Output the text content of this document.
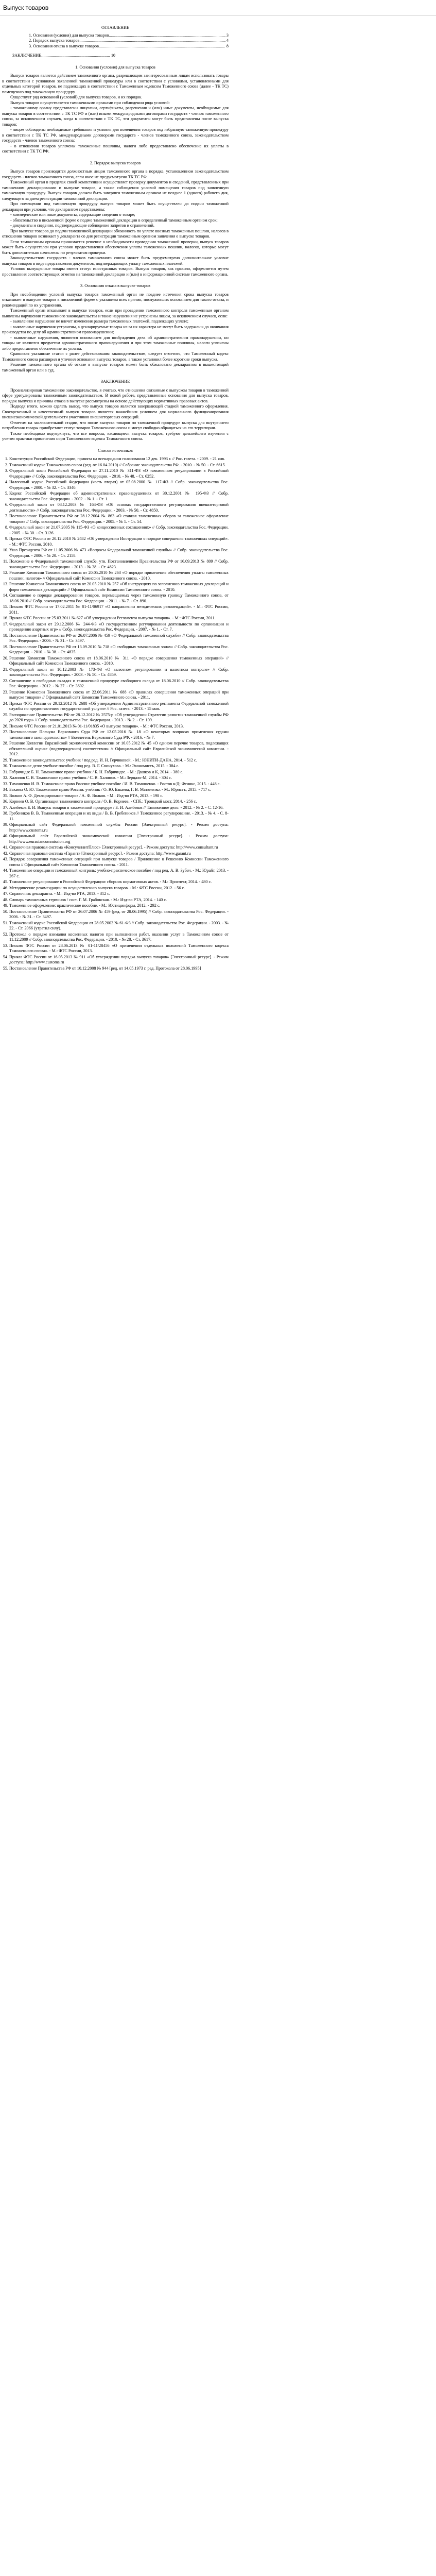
Выпуск товаров
ОГЛАВЛЕНИЕ
1. Основания (условия) для выпуска товаров .....	3
2. Порядок выпуска товаров .....	4
3. Основания отказа в выпуске товаров .....	8
ЗАКЛЮЧЕНИЕ ................................................................. 10
1. Основания (условия) для выпуска товаров

Выпуск товаров является действием таможенного органа, разрешающим заинтересованным лицам использовать товары в соответствии с условиями заявленной таможенной процедуры или в соответствии с условиями, установленными для отдельных категорий товаров, не подлежащих в соответствии с Таможенным кодексом Таможенного союза (далее - ТК ТС) помещению под таможенную процедуру.

Существует ряд оснований (условий) для выпуска товаров, и их порядок.

Выпуск товаров осуществляется таможенными органами при соблюдении ряда условий:

- таможенному органу представлены лицензии, сертификаты, разрешения и (или) иные документы, необходимые для выпуска товаров в соответствии с ТК ТС РФ и (или) иными международными договорами государств - членов таможенного союза, за исключением случаев, когда в соответствии с ТК ТС, эти документы могут быть представлены после выпуска товаров;

- лицом соблюдены необходимые требования и условия для помещения товаров под избранную таможенную процедуру в соответствии с ТК ТС РФ, международными договорами государств - членов таможенного союза, законодательством государств - членов таможенного союза;

- в отношении товаров уплачены таможенные пошлины, налоги либо предоставлено обеспечение их уплаты в соответствии с ТК ТС РФ.

2. Порядок выпуска товаров

Выпуск товаров производится должностным лицом таможенного органа в порядке, установленном законодательством государств - членов таможенного союза, если иное не предусмотрено ТК ТС РФ.

Таможенный орган в пределах своей компетенции осуществляет проверку документов и сведений, представленных при таможенном декларировании и выпуске товаров, а также соблюдения условий помещения товаров под заявленную таможенную процедуру. Выпуск товаров должен быть завершен таможенным органом не позднее 1 (одного) рабочего дня, следующего за днем регистрации таможенной декларации.

При помещении под таможенную процедуру выпуск товаров может быть осуществлен до подачи таможенной декларации при условии, что декларантом представлены:

- коммерческие или иные документы, содержащие сведения о товаре;

- обязательство в письменной форме о подаче таможенной декларации в определенный таможенным органом срок;

- документы и сведения, подтверждающие соблюдение запретов и ограничений.

При выпуске товаров до подачи таможенной декларации обязанность по уплате ввозных таможенных пошлин, налогов в отношении товаров возникает у декларанта со дня регистрации таможенным органом заявления о выпуске товаров.

Если таможенным органам принимается решение о необходимости проведения таможенной проверки, выпуск товаров может быть осуществлен при условии предоставления обеспечения уплаты таможенных пошлин, налогов, которые могут быть дополнительно начислены по результатам проверки.

Законодательством государств - членов таможенного союза может быть предусмотрено дополнительное условие выпуска товаров в виде представления документов, подтверждающих уплату таможенных платежей.

Условно выпущенные товары имеют статус иностранных товаров. Выпуск товаров, как правило, оформляется путем проставления соответствующих отметок на таможенной декларации и (или) в информационной системе таможенного органа.

3. Основания отказа в выпуске товаров

При несоблюдении условий выпуска товаров таможенный орган не позднее истечения срока выпуска товаров отказывает в выпуске товаров в письменной форме с указанием всех причин, послуживших основанием для такого отказа, и рекомендаций по их устранению.

Таможенный орган отказывает в выпуске товаров, если при проведении таможенного контроля таможенным органом выявлены нарушения таможенного законодательства и такие нарушения не устранены лицом, за исключением случаев, если:

- выявленное нарушение не влечет изменения размера таможенных платежей, подлежащих уплате;

- выявленные нарушения устранены, а декларируемые товары из-за их характера не могут быть задержаны до окончания производства по делу об административном правонарушении;

- выявленные нарушения, являются основанием для возбуждения дела об административном правонарушении, но товары не являются предметом административного правонарушения и при этом таможенные пошлины, налоги уплачены либо предоставлено обеспечение их уплаты.

Сравнивая указанные статьи с ранее действовавшим законодательством, следует отметить, что Таможенный кодекс Таможенного союза расширил и уточнил основания выпуска товаров, а также установил более короткие сроки выпуска.

Решение таможенного органа об отказе в выпуске товаров может быть обжаловано декларантом в вышестоящий таможенный орган или в суд.

ЗАКЛЮЧЕНИЕ

Проанализировав таможенное законодательство, я считаю, что отношения связанные с выпуском товаров в таможенной сфере урегулированы таможенным законодательством. В новой работе, представленные основания для выпуска товаров, порядок выпуска и причины отказа в выпуске рассмотрены на основе действующих нормативных правовых актов.

Подводя итоги, можно сделать вывод, что выпуск товаров является завершающей стадией таможенного оформления. Своевременный и качественный выпуск товаров является важнейшим условием для нормального функционирования внешнеэкономической деятельности участников внешнеторговых операций.

Отметим на заключительной стадии, что после выпуска товаров по таможенной процедуре выпуска для внутреннего потребления товары приобретают статус товаров Таможенного союза и могут свободно обращаться на его территории.

Также необходимо подчеркнуть, что все вопросы, касающиеся выпуска товаров, требуют дальнейшего изучения с учетом практики применения норм Таможенного кодекса Таможенного союза.

Список источников
1. Конституция Российской Федерации, принята на всенародном голосовании 12 дек. 1993 г. // Рос. газета. - 2009. - 21 янв.
2. Таможенный кодекс Таможенного союза (ред. от 16.04.2010) // Собрание законодательства РФ. - 2010. - № 50. - Ст. 6615.
3. Федеральный закон Российской Федерации от 27.11.2010 № 311-ФЗ «О таможенном регулировании в Российской Федерации» // Собр. законодательства Рос. Федерации. - 2010. - № 48. - Ст. 6252.
4. Налоговый кодекс Российской Федерации (часть вторая) от 05.08.2000 № 117-ФЗ // Собр. законодательства Рос. Федерации. - 2000. - № 32. - Ст. 3340.
5. Кодекс Российской Федерации об административных правонарушениях от 30.12.2001 № 195-ФЗ // Собр. законодательства Рос. Федерации. - 2002. - № 1. - Ст. 1.
6. Федеральный закон от 08.12.2003 № 164-ФЗ «Об основах государственного регулирования внешнеторговой деятельности» // Собр. законодательства Рос. Федерации. - 2003. - № 50. - Ст. 4850.
7. Постановление Правительства РФ от 28.12.2004 № 863 «О ставках таможенных сборов за таможенное оформление товаров» // Собр. законодательства Рос. Федерации. - 2005. - № 1. - Ст. 54.
8. Федеральный закон от 21.07.2005 № 115-ФЗ «О концессионных соглашениях» // Собр. законодательства Рос. Федерации. - 2005. - № 30. - Ст. 3126.
9. Приказ ФТС России от 20.12.2010 № 2482 «Об утверждении Инструкции о порядке совершения таможенных операций». - М.: ФТС России, 2010.
10. Указ Президента РФ от 11.05.2006 № 473 «Вопросы Федеральной таможенной службы» // Собр. законодательства Рос. Федерации. - 2006. - № 20. - Ст. 2158.
11. Положение о Федеральной таможенной службе, утв. Постановлением Правительства РФ от 16.09.2013 № 809 // Собр. законодательства Рос. Федерации. - 2013. - № 38. - Ст. 4823.
12. Решение Комиссии Таможенного союза от 20.05.2010 № 263 «О порядке применения обеспечения уплаты таможенных пошлин, налогов» // Официальный сайт Комиссии Таможенного союза. - 2010.
13. Решение Комиссии Таможенного союза от 20.05.2010 № 257 «Об инструкциях по заполнению таможенных деклараций и форм таможенных деклараций» // Официальный сайт Комиссии Таможенного союза. - 2010.
14. Соглашение о порядке декларирования товаров, перемещаемых через таможенную границу Таможенного союза, от 18.06.2010 // Собр. законодательства Рос. Федерации. - 2011. - № 7. - Ст. 890.
15. Письмо ФТС России от 17.02.2011 № 01-11/06917 «О направлении методических рекомендаций». - М.: ФТС России, 2011.
16. Приказ ФТС России от 25.03.2011 № 627 «Об утверждении Регламента выпуска товаров». - М.: ФТС России, 2011.
17. Федеральный закон от 29.12.2006 № 244-ФЗ «О государственном регулировании деятельности по организации и проведению азартных игр» // Собр. законодательства Рос. Федерации. - 2007. - № 1. - Ст. 7.
18. Постановление Правительства РФ от 26.07.2006 № 459 «О Федеральной таможенной службе» // Собр. законодательства Рос. Федерации. - 2006. - № 31. - Ст. 3497.
19. Постановление Правительства РФ от 13.09.2010 № 718 «О свободных таможенных зонах» // Собр. законодательства Рос. Федерации. - 2010. - № 38. - Ст. 4835.
20. Решение Комиссии Таможенного союза от 18.06.2010 № 311 «О порядке совершения таможенных операций» // Официальный сайт Комиссии Таможенного союза. - 2010.
21. Федеральный закон от 10.12.2003 № 173-ФЗ «О валютном регулировании и валютном контроле» // Собр. законодательства Рос. Федерации. - 2003. - № 50. - Ст. 4859.
22. Соглашение о свободных складах и таможенной процедуре свободного склада от 18.06.2010 // Собр. законодательства Рос. Федерации. - 2012. - № 27. - Ст. 3602.
23. Решение Комиссии Таможенного союза от 22.06.2011 № 688 «О правилах совершения таможенных операций при выпуске товаров» // Официальный сайт Комиссии Таможенного союза. - 2011.
24. Приказ ФТС России от 29.12.2012 № 2688 «Об утверждении Административного регламента Федеральной таможенной службы по предоставлению государственной услуги» // Рос. газета. - 2013. - 15 мая.
25. Распоряжение Правительства РФ от 28.12.2012 № 2575-р «Об утверждении Стратегии развития таможенной службы РФ до 2020 года» // Собр. законодательства Рос. Федерации. - 2013. - № 2. - Ст. 109.
26. Письмо ФТС России от 21.01.2013 № 01-11/01835 «О выпуске товаров». - М.: ФТС России, 2013.
27. Постановление Пленума Верховного Суда РФ от 12.05.2016 № 18 «О некоторых вопросах применения судами таможенного законодательства» // Бюллетень Верховного Суда РФ. - 2016. - № 7.
28. Решение Коллегии Евразийской экономической комиссии от 16.05.2012 № 45 «О едином перечне товаров, подлежащих обязательной оценке (подтверждению) соответствия» // Официальный сайт Евразийской экономической комиссии. - 2012.
29. Таможенное законодательство: учебник / под ред. И. Н. Герчиковой. - М.: ЮНИТИ-ДАНА, 2014. - 512 с.
30. Таможенное дело: учебное пособие / под ред. В. Г. Свинухова. - М.: Экономистъ, 2015. - 384 с.
31. Габричидзе Б. Н. Таможенное право: учебник / Б. Н. Габричидзе. - М.: Дашков и К, 2014. - 380 с.
32. Халипов С. В. Таможенное право: учебник / С. В. Халипов. - М.: Зерцало-М, 2014. - 304 с.
33. Тимошенко И. В. Таможенное право России: учебное пособие / И. В. Тимошенко. - Ростов н/Д: Феникс, 2015. - 448 с.
34. Бакаева О. Ю. Таможенное право России: учебник / О. Ю. Бакаева, Г. В. Матвиенко. - М.: Юристъ, 2015. - 717 с.
35. Волков А. Ф. Декларирование товаров / А. Ф. Волков. - М.: Изд-во РТА, 2013. - 198 с.
36. Корнеев О. В. Организация таможенного контроля / О. В. Корнеев. - СПб.: Троицкий мост, 2014. - 256 с.
37. Алибеков Б. И. Выпуск товаров в таможенной процедуре / Б. И. Алибеков // Таможенное дело. - 2012. - № 2. - С. 12-16.
38. Гребеников В. В. Таможенные операции и их виды / В. В. Гребеников // Таможенное регулирование. - 2013. - № 4. - С. 8-11.
39. Официальный сайт Федеральной таможенной службы России [Электронный ресурс]. - Режим доступа: http://www.customs.ru
40. Официальный сайт Евразийской экономической комиссии [Электронный ресурс]. - Режим доступа: http://www.eurasiancommission.org
41. Справочная правовая система «КонсультантПлюс» [Электронный ресурс]. - Режим доступа: http://www.consultant.ru
42. Справочная правовая система «Гарант» [Электронный ресурс]. - Режим доступа: http://www.garant.ru
43. Порядок совершения таможенных операций при выпуске товаров / Приложение к Решению Комиссии Таможенного союза // Официальный сайт Комиссии Таможенного союза. - 2011.
44. Таможенные операции и таможенный контроль: учебно-практическое пособие / под ред. А. В. Зубач. - М.: Юрайт, 2013. - 267 с.
45. Таможенное регулирование в Российской Федерации: сборник нормативных актов. - М.: Проспект, 2014. - 480 с.
46. Методические рекомендации по осуществлению выпуска товаров. - М.: ФТС России, 2012. - 56 с.
47. Справочник декларанта. - М.: Изд-во РТА, 2013. - 312 с.
48. Словарь таможенных терминов / сост. Г. М. Грабовская. - М.: Изд-во РТА, 2014. - 140 с.
49. Таможенное оформление: практическое пособие. - М.: Юстицинформ, 2012. - 292 с.
50. Постановление Правительства РФ от 26.07.2006 № 459 (ред. от 28.06.1995) // Собр. законодательства Рос. Федерации. - 2006. - № 31. - Ст. 3497.
51. Таможенный кодекс Российской Федерации от 28.05.2003 № 61-ФЗ // Собр. законодательства Рос. Федерации. - 2003. - № 22. - Ст. 2066 (утратил силу).
52. Протокол о порядке взимания косвенных налогов при выполнении работ, оказании услуг в Таможенном союзе от 11.12.2009 // Собр. законодательства Рос. Федерации. - 2010. - № 28. - Ст. 3617.
53. Письмо ФТС России от 28.06.2013 № 01-11/28456 «О применении отдельных положений Таможенного кодекса Таможенного союза». - М.: ФТС России, 2013.
54. Приказ ФТС России от 16.05.2013 № 911 «Об утверждении порядка выпуска товаров» [Электронный ресурс]. - Режим доступа: http://www.customs.ru
55. Постановление Правительства РФ от 10.12.2008 № 944 [ред. от 14.05.1973 г. ред. Протокола от 28.06.1995]
